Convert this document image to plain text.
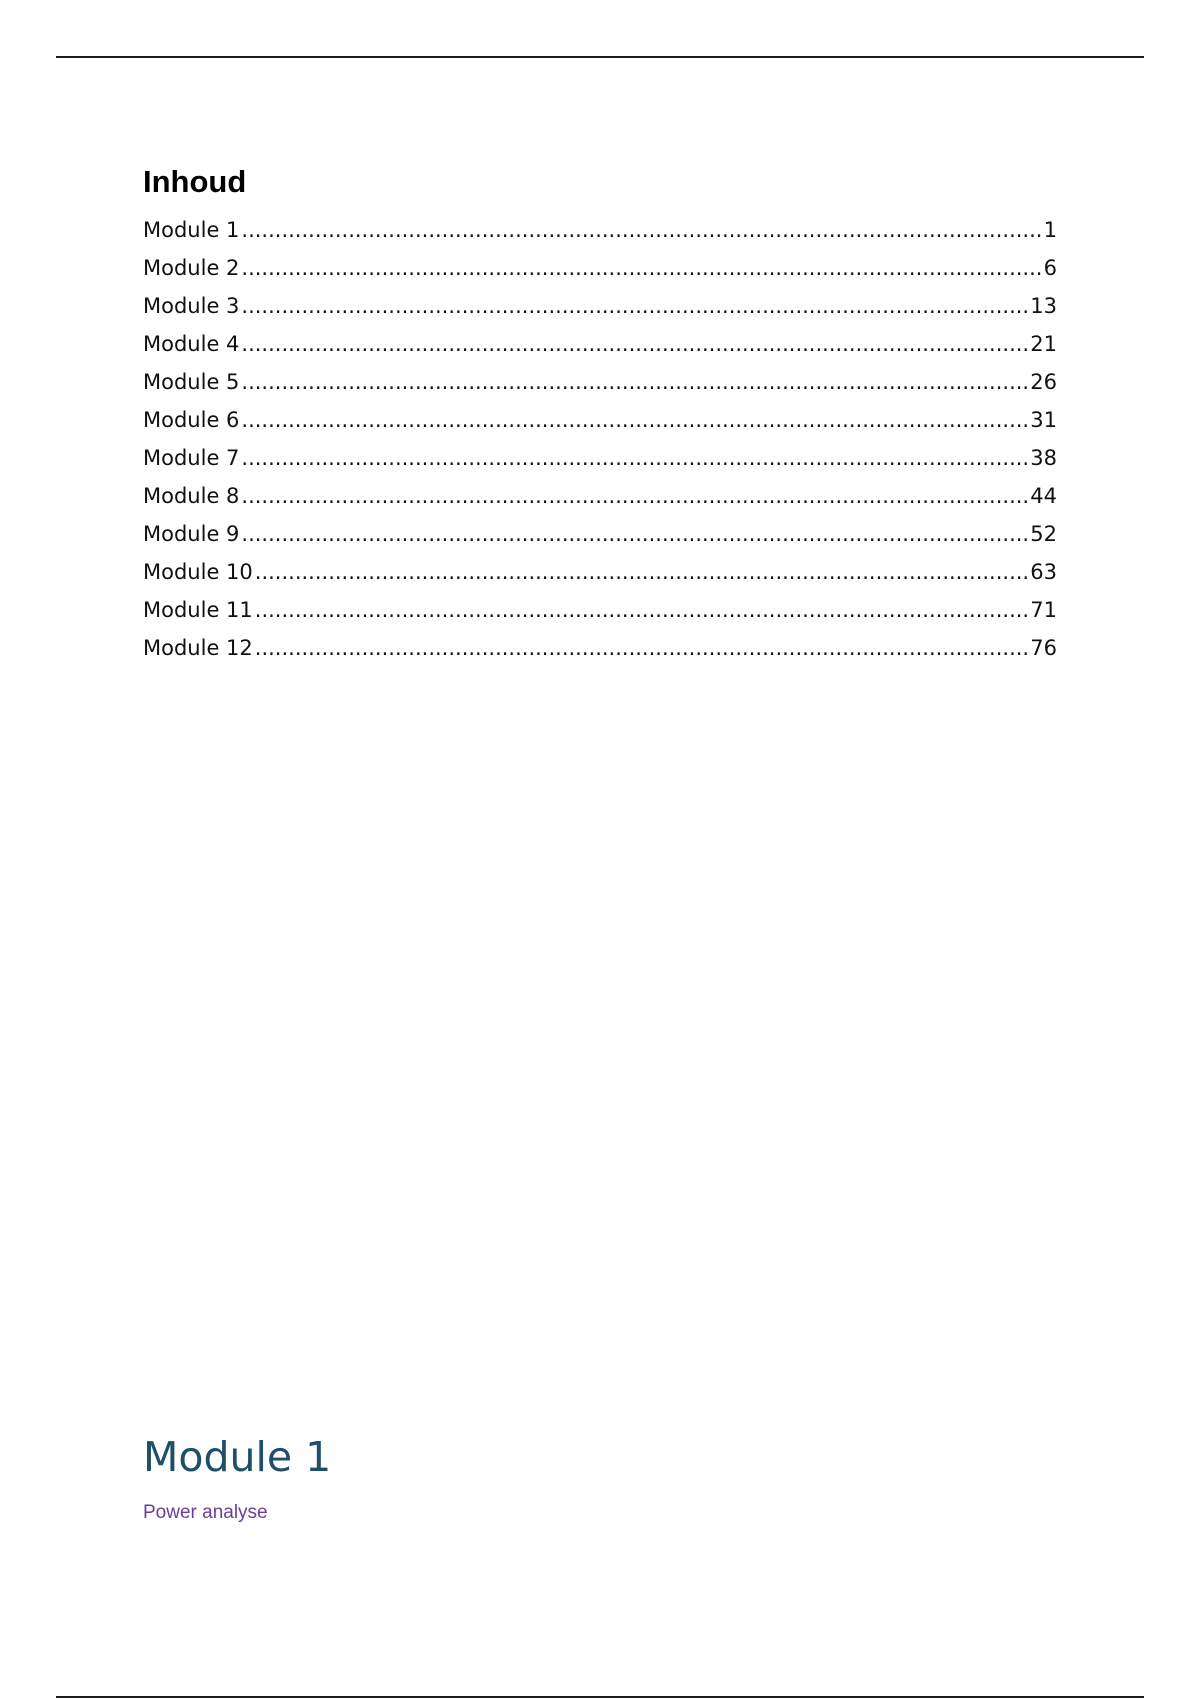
Inhoud
Module 1 .....	1
Module 2 .....	6
Module 3 .....	13
Module 4 .....	21
Module 5 .....	26
Module 6 .....	31
Module 7 .....	38
Module 8 .....	44
Module 9 .....	52
Module 10 .....	63
Module 11 .....	71
Module 12 .....	76
Module 1

Power analyse
